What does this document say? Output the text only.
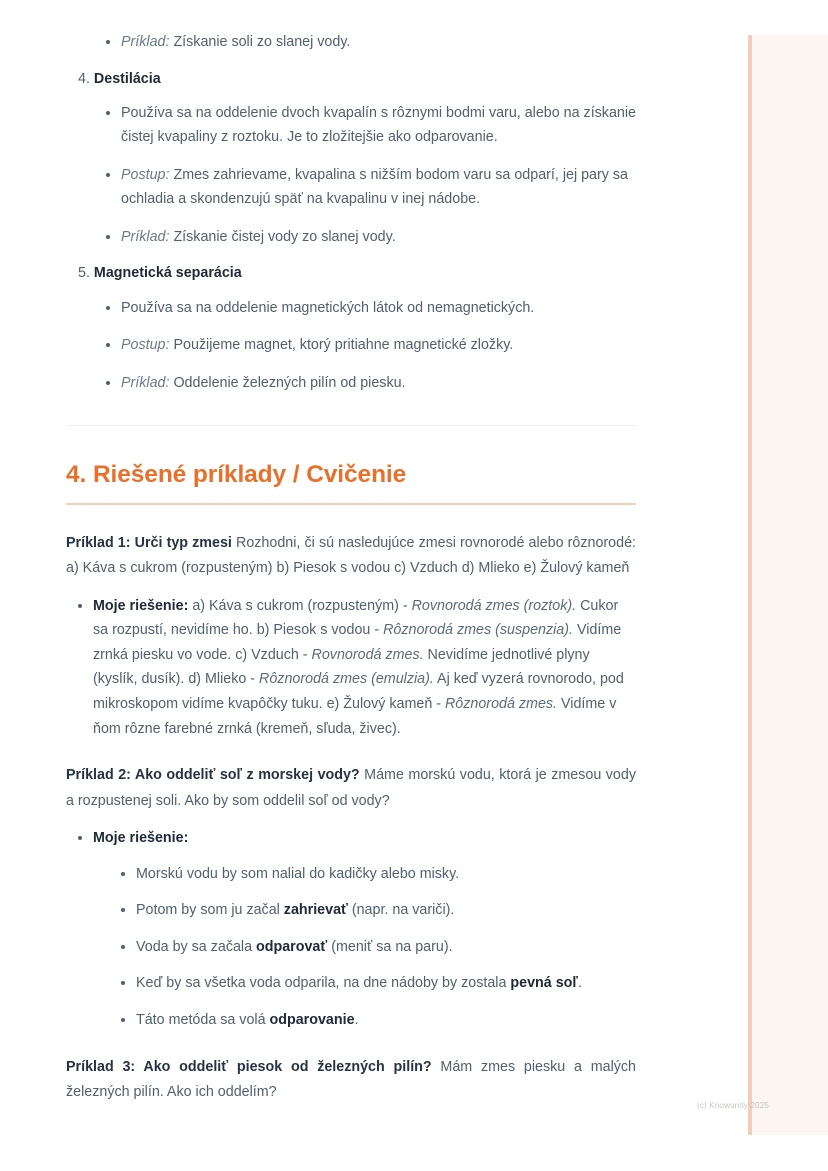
Príklad: Získanie soli zo slanej vody.
4. Destilácia
Používa sa na oddelenie dvoch kvapalín s rôznymi bodmi varu, alebo na získanie čistej kvapaliny z roztoku. Je to zložitejšie ako odparovanie.
Postup: Zmes zahrievame, kvapalina s nižším bodom varu sa odparí, jej pary sa ochladia a skondenzujú späť na kvapalinu v inej nádobe.
Príklad: Získanie čistej vody zo slanej vody.
5. Magnetická separácia
Používa sa na oddelenie magnetických látok od nemagnetických.
Postup: Použijeme magnet, ktorý pritiahne magnetické zložky.
Príklad: Oddelenie železných pilín od piesku.
4. Riešené príklady / Cvičenie

Príklad 1: Urči typ zmesi Rozhodni, či sú nasledujúce zmesi rovnorodé alebo rôznorodé: a) Káva s cukrom (rozpusteným) b) Piesok s vodou c) Vzduch d) Mlieko e) Žulový kameň

Moje riešenie: a) Káva s cukrom (rozpusteným) - Rovnorodá zmes (roztok). Cukor sa rozpustí, nevidíme ho. b) Piesok s vodou - Rôznorodá zmes (suspenzia). Vidíme zrnká piesku vo vode. c) Vzduch - Rovnorodá zmes. Nevidíme jednotlivé plyny (kyslík, dusík). d) Mlieko - Rôznorodá zmes (emulzia). Aj keď vyzerá rovnorodo, pod mikroskopom vidíme kvapôčky tuku. e) Žulový kameň - Rôznorodá zmes. Vidíme v ňom rôzne farebné zrnká (kremeň, sľuda, živec).

Príklad 2: Ako oddeliť soľ z morskej vody? Máme morskú vodu, ktorá je zmesou vody a rozpustenej soli. Ako by som oddelil soľ od vody?

Moje riešenie:
Morskú vodu by som nalial do kadičky alebo misky.
Potom by som ju začal zahrievať (napr. na variči).
Voda by sa začala odparovať (meniť sa na paru).
Keď by sa všetka voda odparila, na dne nádoby by zostala pevná soľ.
Táto metóda sa volá odparovanie.

Príklad 3: Ako oddeliť piesok od železných pilín? Mám zmes piesku a malých železných pilín. Ako ich oddelím?

(c) Knowunity 2025
